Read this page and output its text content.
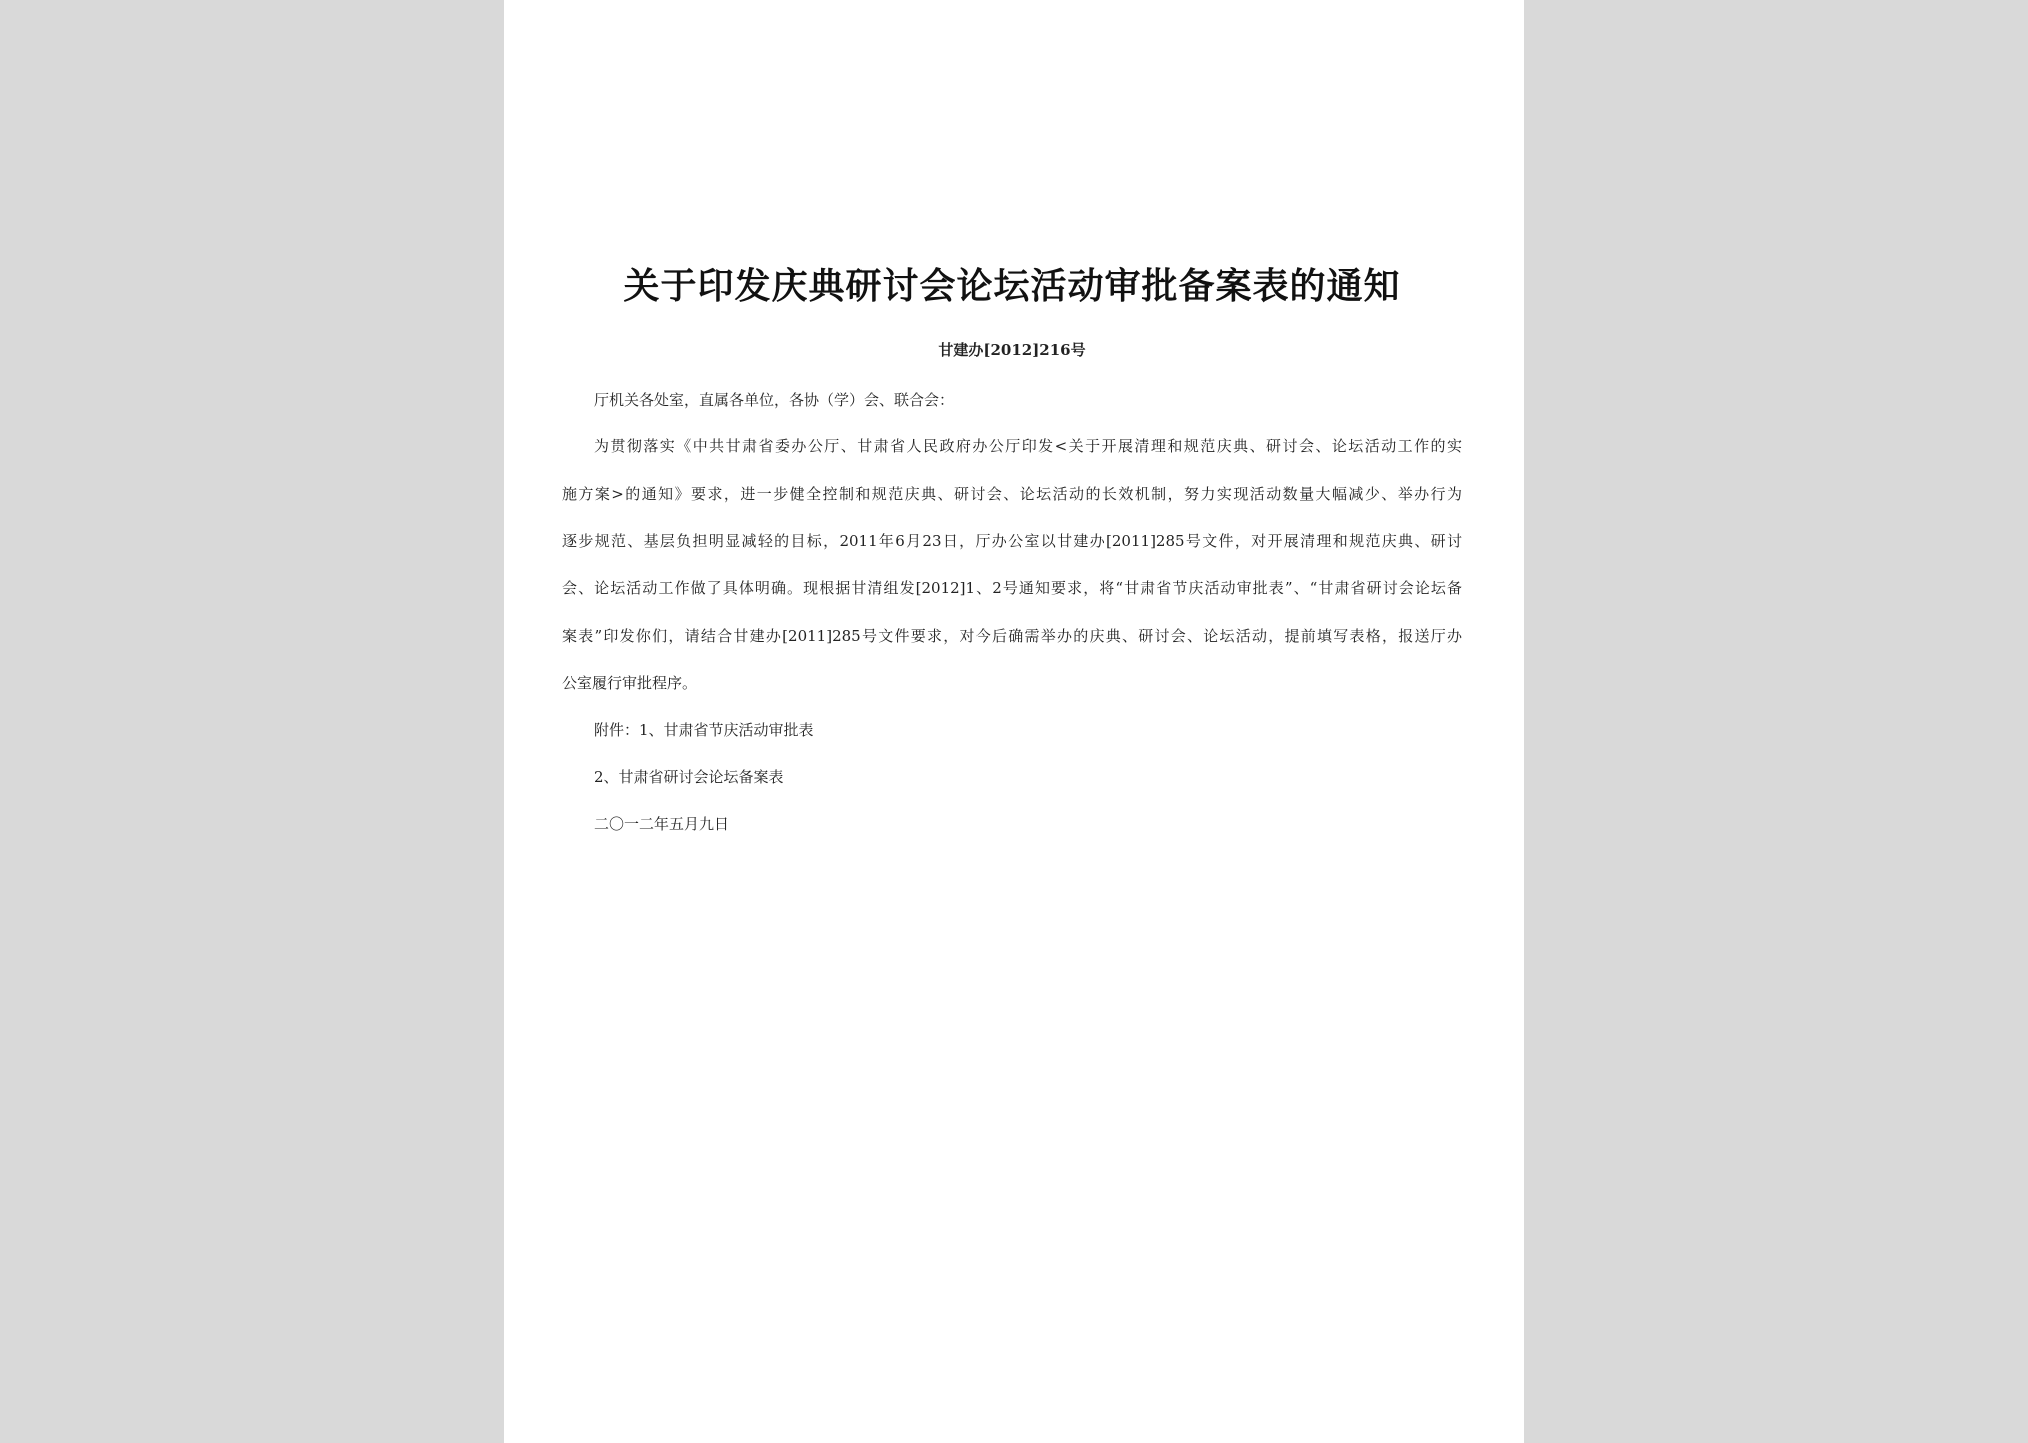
关于印发庆典研讨会论坛活动审批备案表的通知
甘建办[2012]216号
厅机关各处室，直属各单位，各协（学）会、联合会：
为贯彻落实《中共甘肃省委办公厅、甘肃省人民政府办公厅印发<关于开展清理和规范庆典、研讨会、论坛活动工作的实
施方案>的通知》要求，进一步健全控制和规范庆典、研讨会、论坛活动的长效机制，努力实现活动数量大幅减少、举办行为
逐步规范、基层负担明显减轻的目标，2011年6月23日，厅办公室以甘建办[2011]285号文件，对开展清理和规范庆典、研讨
会、论坛活动工作做了具体明确。现根据甘清组发[2012]1、2号通知要求，将“甘肃省节庆活动审批表”、“甘肃省研讨会论坛备
案表”印发你们，请结合甘建办[2011]285号文件要求，对今后确需举办的庆典、研讨会、论坛活动，提前填写表格，报送厅办
公室履行审批程序。
附件：1、甘肃省节庆活动审批表
2、甘肃省研讨会论坛备案表
二〇一二年五月九日
